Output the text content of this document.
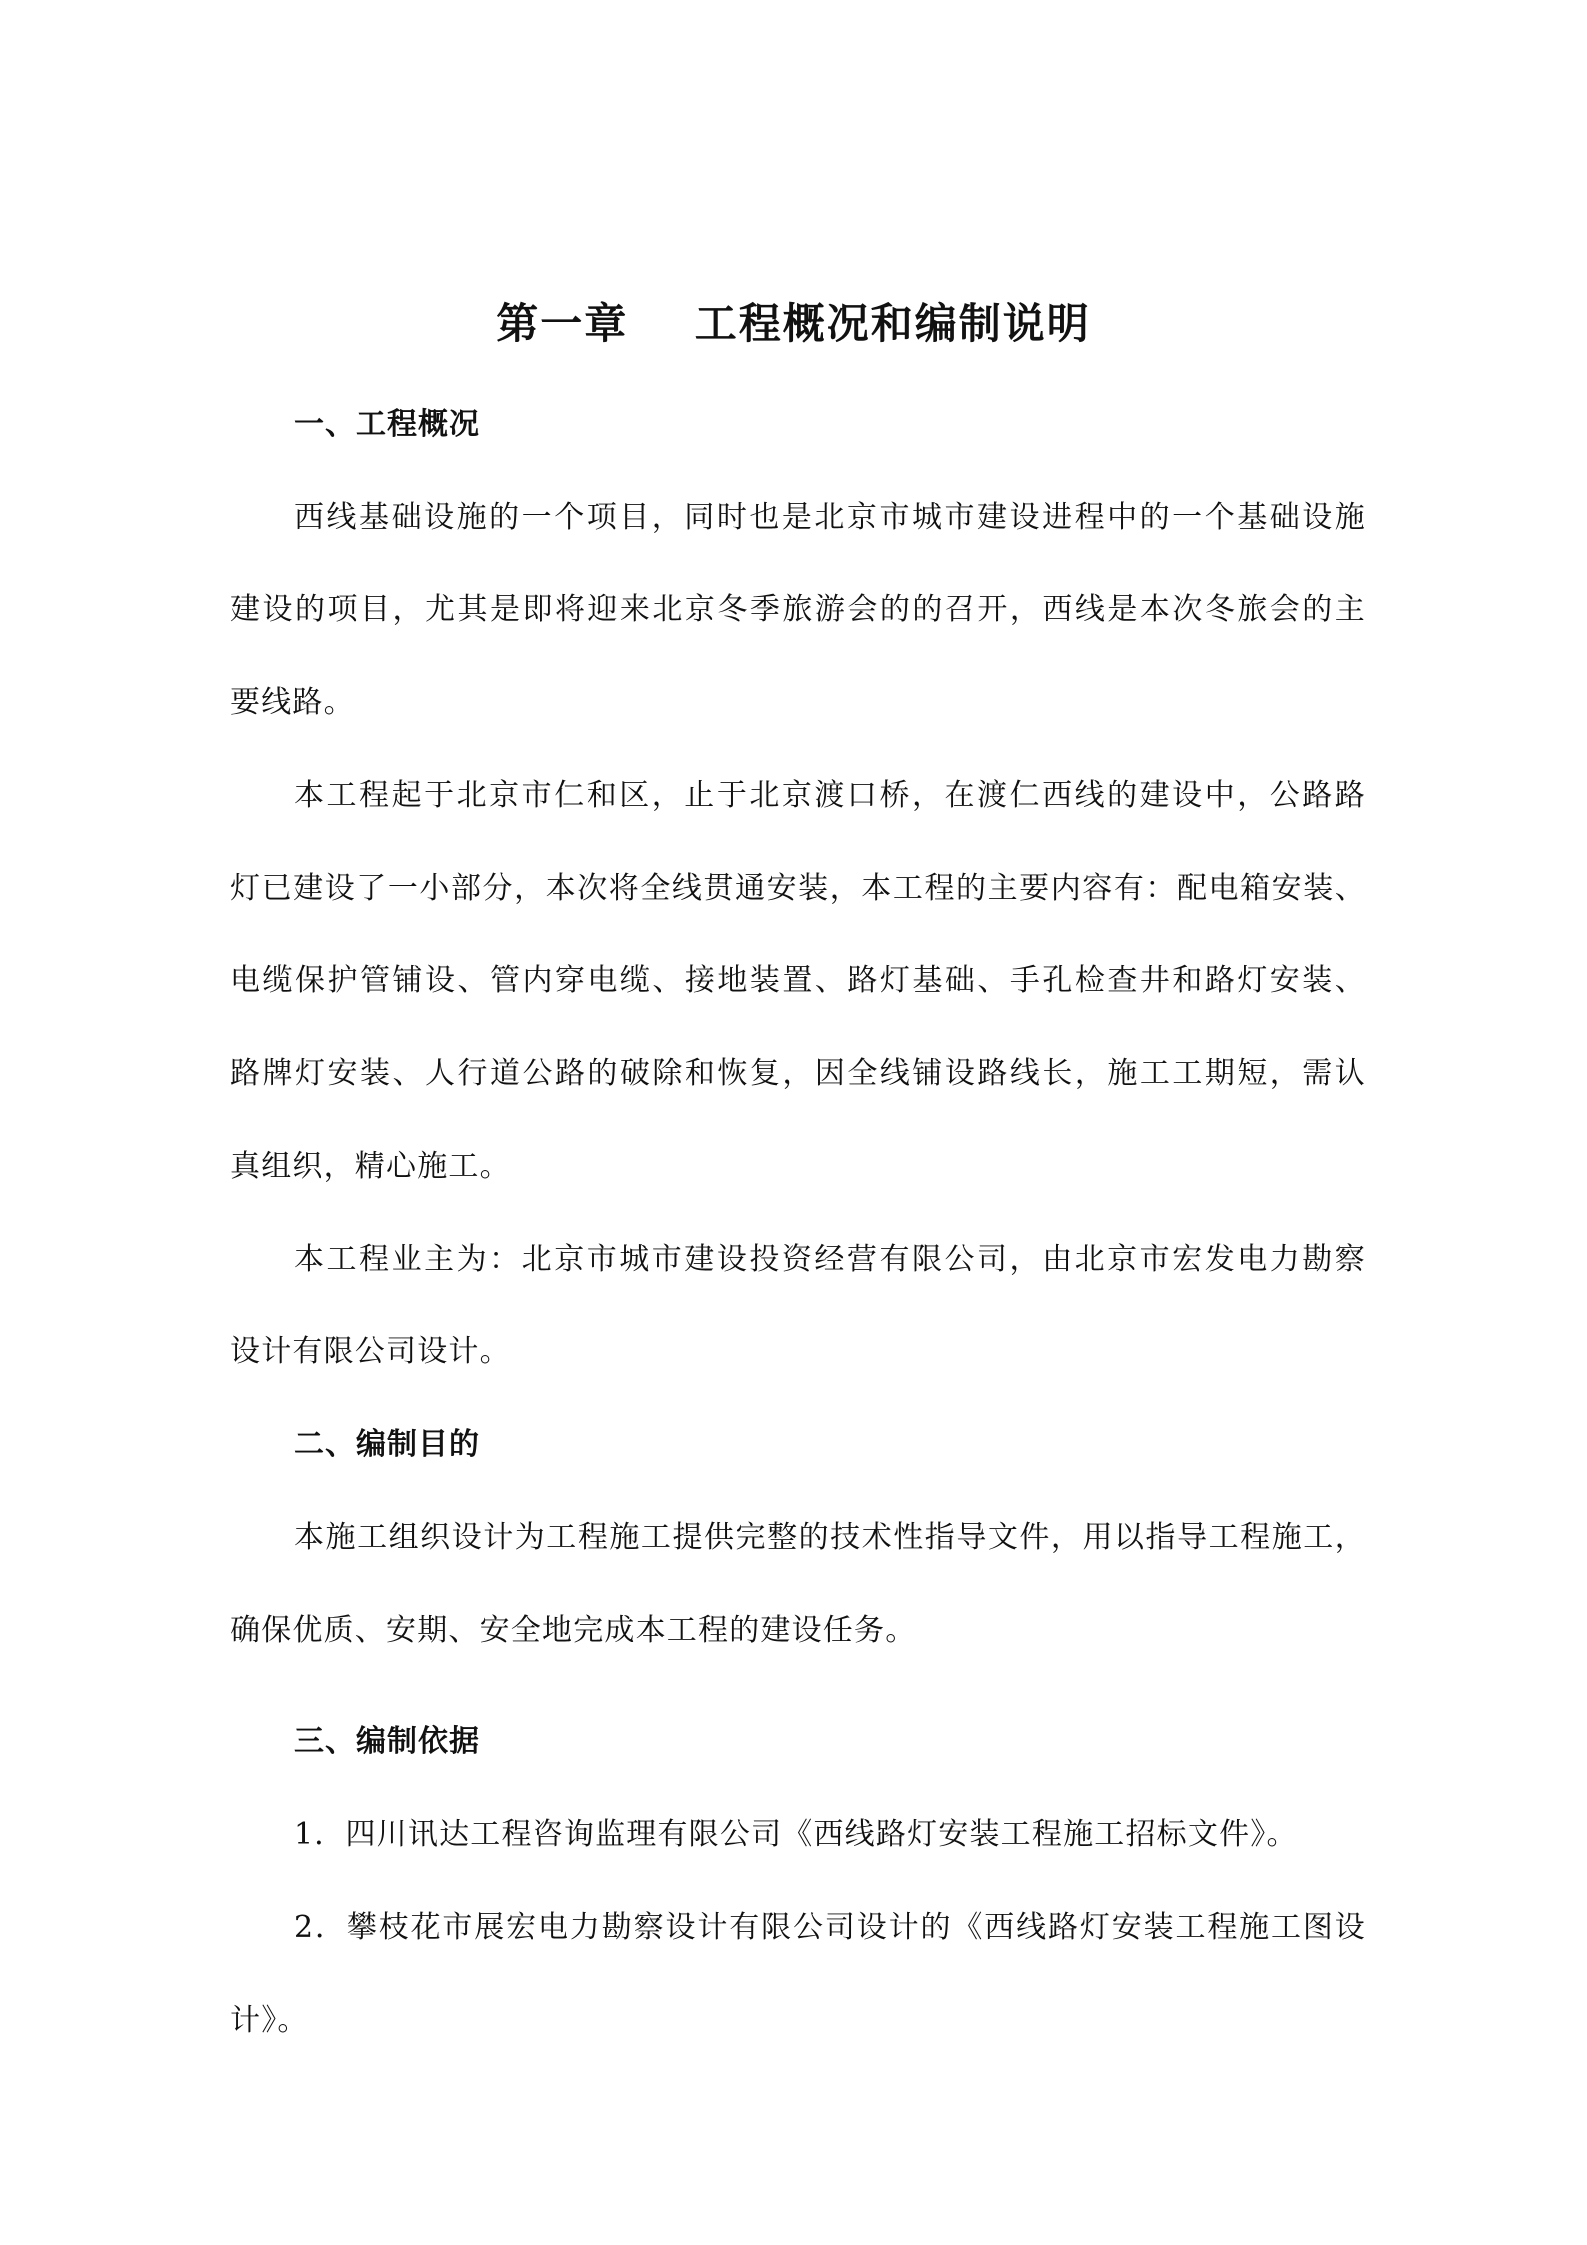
第一章    工程概况和编制说明
一、工程概况
西线基础设施的一个项目，同时也是北京市城市建设进程中的一个基础设施
建设的项目，尤其是即将迎来北京冬季旅游会的的召开，西线是本次冬旅会的主
要线路。
本工程起于北京市仁和区，止于北京渡口桥，在渡仁西线的建设中，公路路
灯已建设了一小部分，本次将全线贯通安装，本工程的主要内容有：配电箱安装、
电缆保护管铺设、管内穿电缆、接地装置、路灯基础、手孔检查井和路灯安装、
路牌灯安装、人行道公路的破除和恢复，因全线铺设路线长，施工工期短，需认
真组织，精心施工。
本工程业主为：北京市城市建设投资经营有限公司，由北京市宏发电力勘察
设计有限公司设计。
二、编制目的
本施工组织设计为工程施工提供完整的技术性指导文件，用以指导工程施工，
确保优质、安期、安全地完成本工程的建设任务。
三、编制依据
1．四川讯达工程咨询监理有限公司《西线路灯安装工程施工招标文件》。
2．攀枝花市展宏电力勘察设计有限公司设计的《西线路灯安装工程施工图设
计》。
